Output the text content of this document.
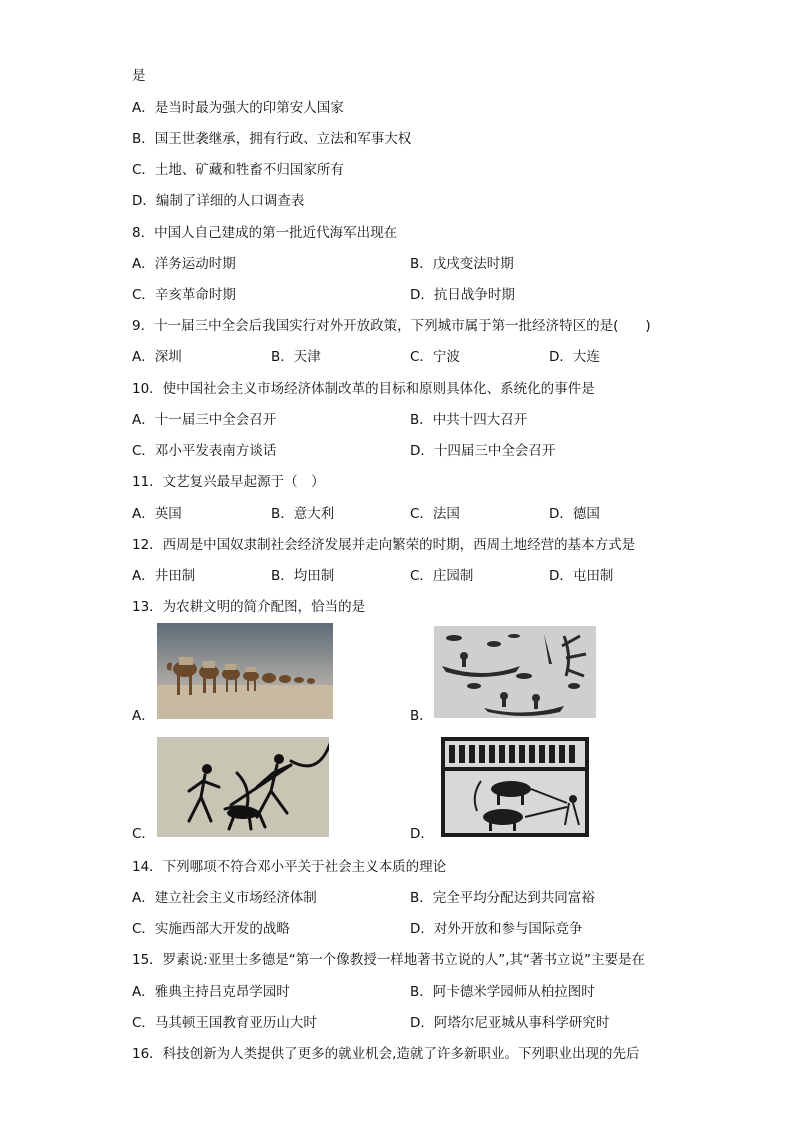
是
A．是当时最为强大的印第安人国家
B．国王世袭继承，拥有行政、立法和军事大权
C．土地、矿藏和牲畜不归国家所有
D．编制了详细的人口调查表
8．中国人自己建成的第一批近代海军出现在
A．洋务运动时期	B．戊戌变法时期
C．辛亥革命时期	D．抗日战争时期
9．十一届三中全会后我国实行对外开放政策，下列城市属于第一批经济特区的是(　　)
A．深圳	B．天津	C．宁波	D．大连
10．使中国社会主义市场经济体制改革的目标和原则具体化、系统化的事件是
A．十一届三中全会召开	B．中共十四大召开
C．邓小平发表南方谈话	D．十四届三中全会召开
11．文艺复兴最早起源于（　）
A．英国	B．意大利	C．法国	D．德国
12．西周是中国奴隶制社会经济发展并走向繁荣的时期，西周土地经营的基本方式是
A．井田制	B．均田制	C．庄园制	D．屯田制
13．为农耕文明的简介配图，恰当的是
A．	B．
C．	D．
14．下列哪项不符合邓小平关于社会主义本质的理论
A．建立社会主义市场经济体制	B．完全平均分配达到共同富裕
C．实施西部大开发的战略	D．对外开放和参与国际竞争
15．罗素说:亚里士多德是“第一个像教授一样地著书立说的人”,其“著书立说”主要是在
A．雅典主持吕克昂学园时	B．阿卡德米学园师从柏拉图时
C．马其顿王国教育亚历山大时	D．阿塔尔尼亚城从事科学研究时
16．科技创新为人类提供了更多的就业机会,造就了许多新职业。下列职业出现的先后
